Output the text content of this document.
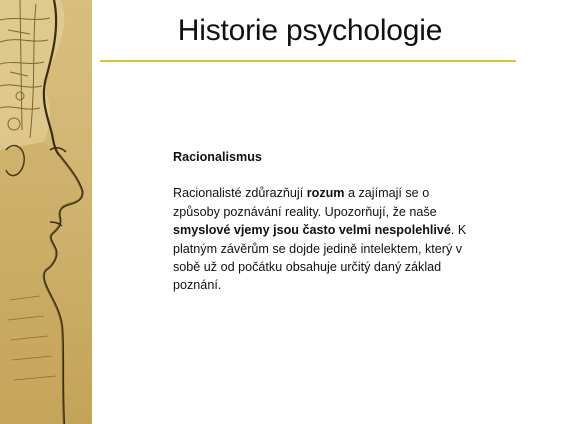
Historie psychologie

Racionalismus

Racionalisté zdůrazňují rozum a zajímají se o způsoby poznávání reality. Upozorňují, že naše smyslové vjemy jsou často velmi nespolehlivé. K platným závěrům se dojde jedině intelektem, který v sobě už od počátku obsahuje určitý daný základ poznání.
